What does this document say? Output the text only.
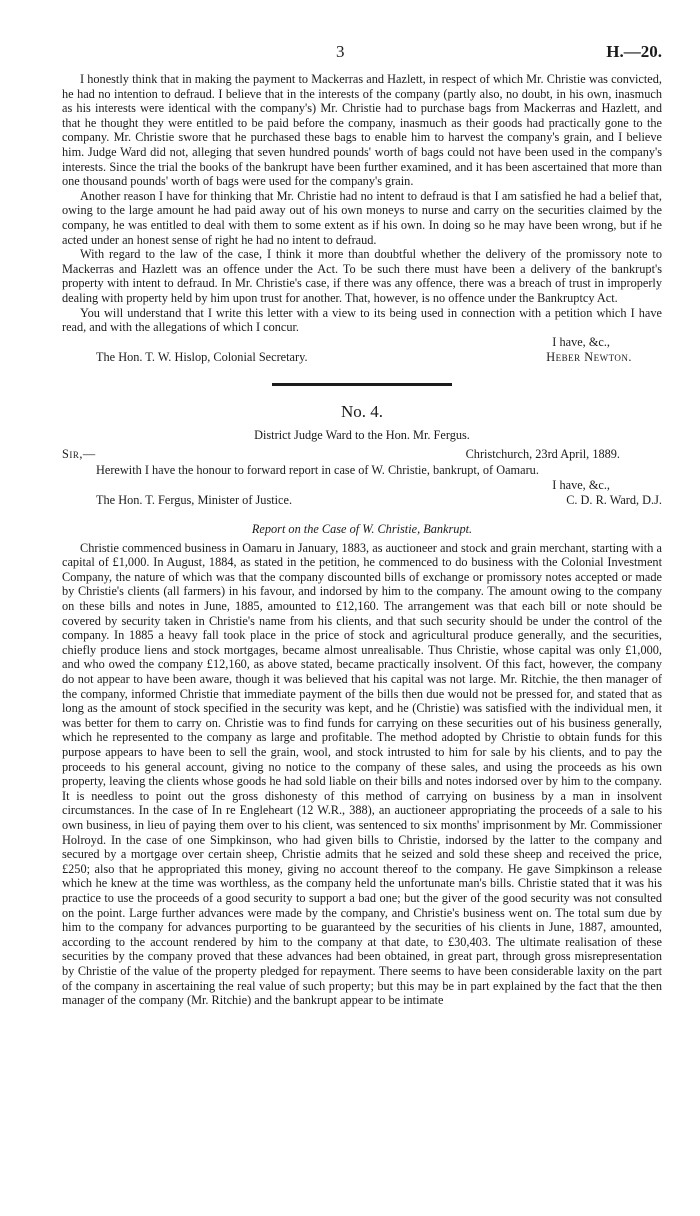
3	H.—20.

I honestly think that in making the payment to Mackerras and Hazlett, in respect of which Mr. Christie was convicted, he had no intention to defraud. I believe that in the interests of the company (partly also, no doubt, in his own, inasmuch as his interests were identical with the company's) Mr. Christie had to purchase bags from Mackerras and Hazlett, and that he thought they were entitled to be paid before the company, inasmuch as their goods had practically gone to the company. Mr. Christie swore that he purchased these bags to enable him to harvest the company's grain, and I believe him. Judge Ward did not, alleging that seven hundred pounds' worth of bags could not have been used in the company's interests. Since the trial the books of the bankrupt have been further examined, and it has been ascertained that more than one thousand pounds' worth of bags were used for the company's grain.

Another reason I have for thinking that Mr. Christie had no intent to defraud is that I am satisfied he had a belief that, owing to the large amount he had paid away out of his own moneys to nurse and carry on the securities claimed by the company, he was entitled to deal with them to some extent as if his own. In doing so he may have been wrong, but if he acted under an honest sense of right he had no intent to defraud.

With regard to the law of the case, I think it more than doubtful whether the delivery of the promissory note to Mackerras and Hazlett was an offence under the Act. To be such there must have been a delivery of the bankrupt's property with intent to defraud. In Mr. Christie's case, if there was any offence, there was a breach of trust in improperly dealing with property held by him upon trust for another. That, however, is no offence under the Bankruptcy Act.

You will understand that I write this letter with a view to its being used in connection with a petition which I have read, and with the allegations of which I concur.

I have, &c.,
The Hon. T. W. Hislop, Colonial Secretary.	Heber Newton.
No. 4.
District Judge Ward to the Hon. Mr. Fergus.
Sir,—	Christchurch, 23rd April, 1889.
Herewith I have the honour to forward report in case of W. Christie, bankrupt, of Oamaru.
I have, &c.,
The Hon. T. Fergus, Minister of Justice.	C. D. R. Ward, D.J.
Report on the Case of W. Christie, Bankrupt.

Christie commenced business in Oamaru in January, 1883, as auctioneer and stock and grain merchant, starting with a capital of £1,000. In August, 1884, as stated in the petition, he commenced to do business with the Colonial Investment Company, the nature of which was that the company discounted bills of exchange or promissory notes accepted or made by Christie's clients (all farmers) in his favour, and indorsed by him to the company. The amount owing to the company on these bills and notes in June, 1885, amounted to £12,160. The arrangement was that each bill or note should be covered by security taken in Christie's name from his clients, and that such security should be under the control of the company. In 1885 a heavy fall took place in the price of stock and agricultural produce generally, and the securities, chiefly produce liens and stock mortgages, became almost unrealisable. Thus Christie, whose capital was only £1,000, and who owed the company £12,160, as above stated, became practically insolvent. Of this fact, however, the company do not appear to have been aware, though it was believed that his capital was not large. Mr. Ritchie, the then manager of the company, informed Christie that immediate payment of the bills then due would not be pressed for, and stated that as long as the amount of stock specified in the security was kept, and he (Christie) was satisfied with the individual men, it was better for them to carry on. Christie was to find funds for carrying on these securities out of his business generally, which he represented to the company as large and profitable. The method adopted by Christie to obtain funds for this purpose appears to have been to sell the grain, wool, and stock intrusted to him for sale by his clients, and to pay the proceeds to his general account, giving no notice to the company of these sales, and using the proceeds as his own property, leaving the clients whose goods he had sold liable on their bills and notes indorsed over by him to the company. It is needless to point out the gross dishonesty of this method of carrying on business by a man in insolvent circumstances. In the case of In re Engleheart (12 W.R., 388), an auctioneer appropriating the proceeds of a sale to his own business, in lieu of paying them over to his client, was sentenced to six months' imprisonment by Mr. Commissioner Holroyd. In the case of one Simpkinson, who had given bills to Christie, indorsed by the latter to the company and secured by a mortgage over certain sheep, Christie admits that he seized and sold these sheep and received the price, £250; also that he appropriated this money, giving no account thereof to the company. He gave Simpkinson a release which he knew at the time was worthless, as the company held the unfortunate man's bills. Christie stated that it was his practice to use the proceeds of a good security to support a bad one; but the giver of the good security was not consulted on the point. Large further advances were made by the company, and Christie's business went on. The total sum due by him to the company for advances purporting to be guaranteed by the securities of his clients in June, 1887, amounted, according to the account rendered by him to the company at that date, to £30,403. The ultimate realisation of these securities by the company proved that these advances had been obtained, in great part, through gross misrepresentation by Christie of the value of the property pledged for repayment. There seems to have been considerable laxity on the part of the company in ascertaining the real value of such property; but this may be in part explained by the fact that the then manager of the company (Mr. Ritchie) and the bankrupt appear to be intimate
